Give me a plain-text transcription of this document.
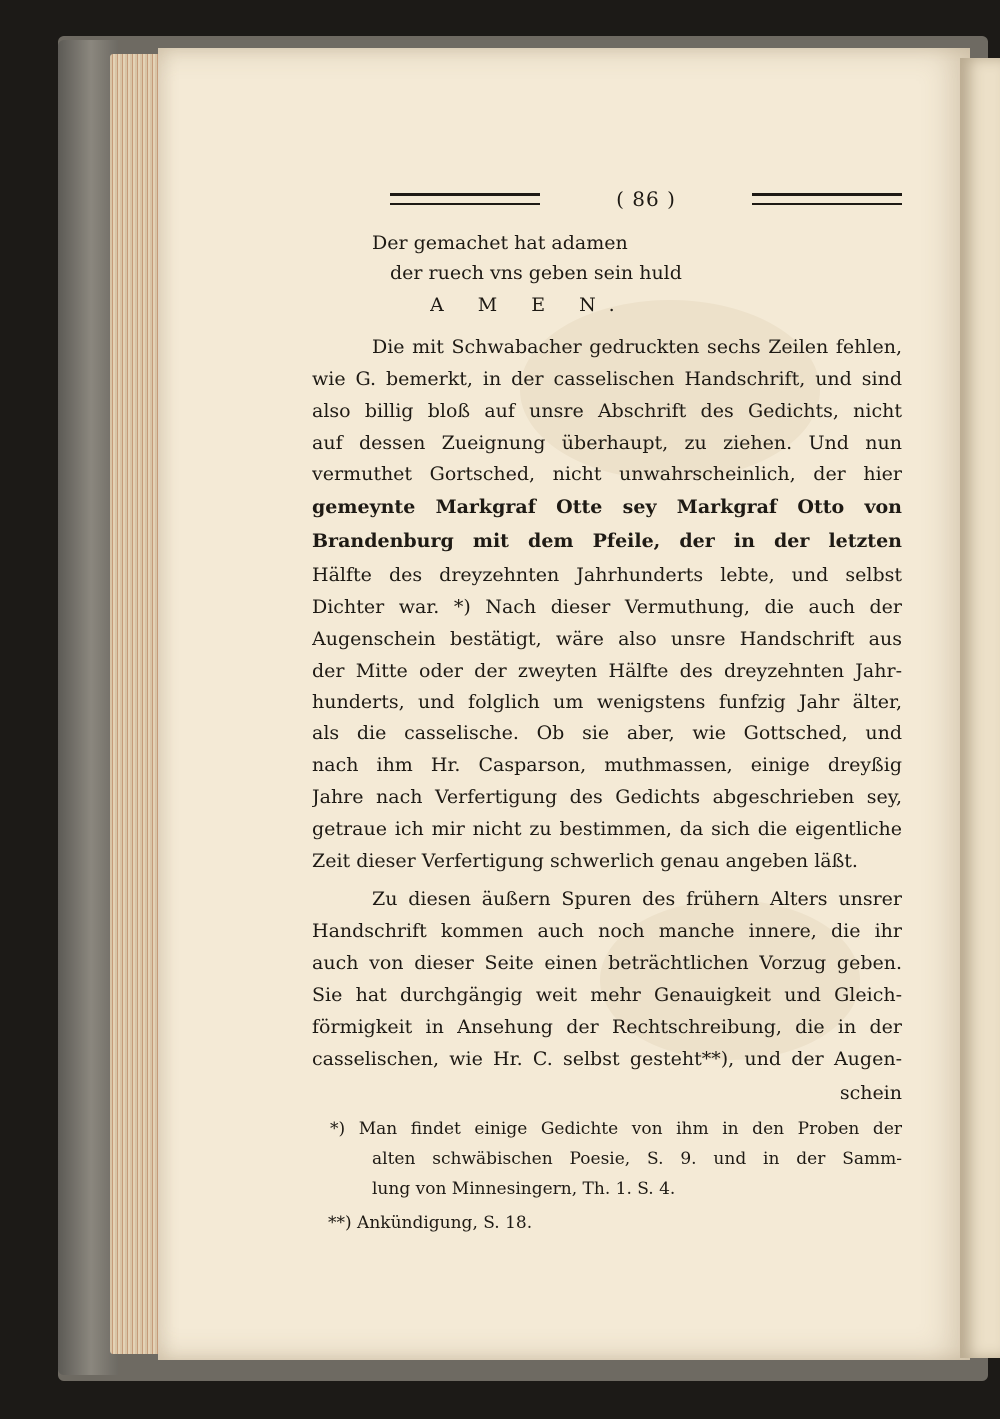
( 86 )
Der gemachet hat adamen
der ruech vns geben sein huld
A M E N.
Die mit Schwabacher gedruckten sechs Zeilen fehlen,
wie G. bemerkt, in der casselischen Handschrift, und sind
also billig bloß auf unsre Abschrift des Gedichts, nicht
auf dessen Zueignung überhaupt, zu ziehen. Und nun
vermuthet Gortsched, nicht unwahrscheinlich, der hier
gemeynte Markgraf Otte sey Markgraf Otto von
Brandenburg mit dem Pfeile, der in der letzten
Hälfte des dreyzehnten Jahrhunderts lebte, und selbst
Dichter war. *) Nach dieser Vermuthung, die auch der
Augenschein bestätigt, wäre also unsre Handschrift aus
der Mitte oder der zweyten Hälfte des dreyzehnten Jahr-
hunderts, und folglich um wenigstens funfzig Jahr älter,
als die casselische. Ob sie aber, wie Gottsched, und
nach ihm Hr. Casparson, muthmassen, einige dreyßig
Jahre nach Verfertigung des Gedichts abgeschrieben sey,
getraue ich mir nicht zu bestimmen, da sich die eigentliche
Zeit dieser Verfertigung schwerlich genau angeben läßt.
Zu diesen äußern Spuren des frühern Alters unsrer
Handschrift kommen auch noch manche innere, die ihr
auch von dieser Seite einen beträchtlichen Vorzug geben.
Sie hat durchgängig weit mehr Genauigkeit und Gleich-
förmigkeit in Ansehung der Rechtschreibung, die in der
casselischen, wie Hr. C. selbst gesteht**), und der Augen-
schein
*) Man findet einige Gedichte von ihm in den Proben der
alten schwäbischen Poesie, S. 9. und in der Samm-
lung von Minnesingern, Th. 1. S. 4.
**) Ankündigung, S. 18.
